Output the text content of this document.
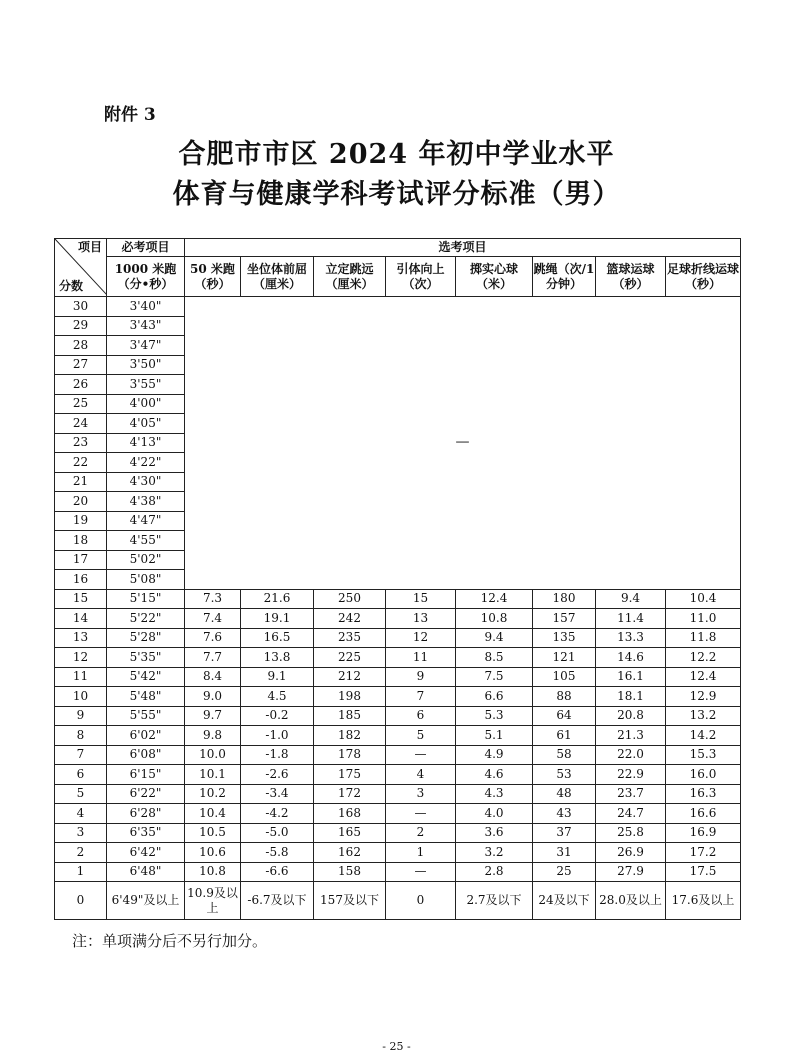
附件 3
合肥市市区 2024 年初中学业水平
体育与健康学科考试评分标准（男）
项目
分数	必考项目	选考项目							
	1000 米跑（分•秒）	50 米跑（秒）	坐位体前屈（厘米）	立定跳远（厘米）	引体向上（次）	掷实心球（米）	跳绳（次/1 分钟）	篮球运球（秒）	足球折线运球（秒）
30	3'40"	—							
29	3'43"								
28	3'47"								
27	3'50"								
26	3'55"								
25	4'00"								
24	4'05"								
23	4'13"								
22	4'22"								
21	4'30"								
20	4'38"								
19	4'47"								
18	4'55"								
17	5'02"								
16	5'08"								
15	5'15"	7.3	21.6	250	15	12.4	180	9.4	10.4
14	5'22"	7.4	19.1	242	13	10.8	157	11.4	11.0
13	5'28"	7.6	16.5	235	12	9.4	135	13.3	11.8
12	5'35"	7.7	13.8	225	11	8.5	121	14.6	12.2
11	5'42"	8.4	9.1	212	9	7.5	105	16.1	12.4
10	5'48"	9.0	4.5	198	7	6.6	88	18.1	12.9
9	5'55"	9.7	-0.2	185	6	5.3	64	20.8	13.2
8	6'02"	9.8	-1.0	182	5	5.1	61	21.3	14.2
7	6'08"	10.0	-1.8	178	—	4.9	58	22.0	15.3
6	6'15"	10.1	-2.6	175	4	4.6	53	22.9	16.0
5	6'22"	10.2	-3.4	172	3	4.3	48	23.7	16.3
4	6'28"	10.4	-4.2	168	—	4.0	43	24.7	16.6
3	6'35"	10.5	-5.0	165	2	3.6	37	25.8	16.9
2	6'42"	10.6	-5.8	162	1	3.2	31	26.9	17.2
1	6'48"	10.8	-6.6	158	—	2.8	25	27.9	17.5
0	6'49"及以上	10.9及以上	-6.7及以下	157及以下	0	2.7及以下	24及以下	28.0及以上	17.6及以上
注：单项满分后不另行加分。
- 25 -
